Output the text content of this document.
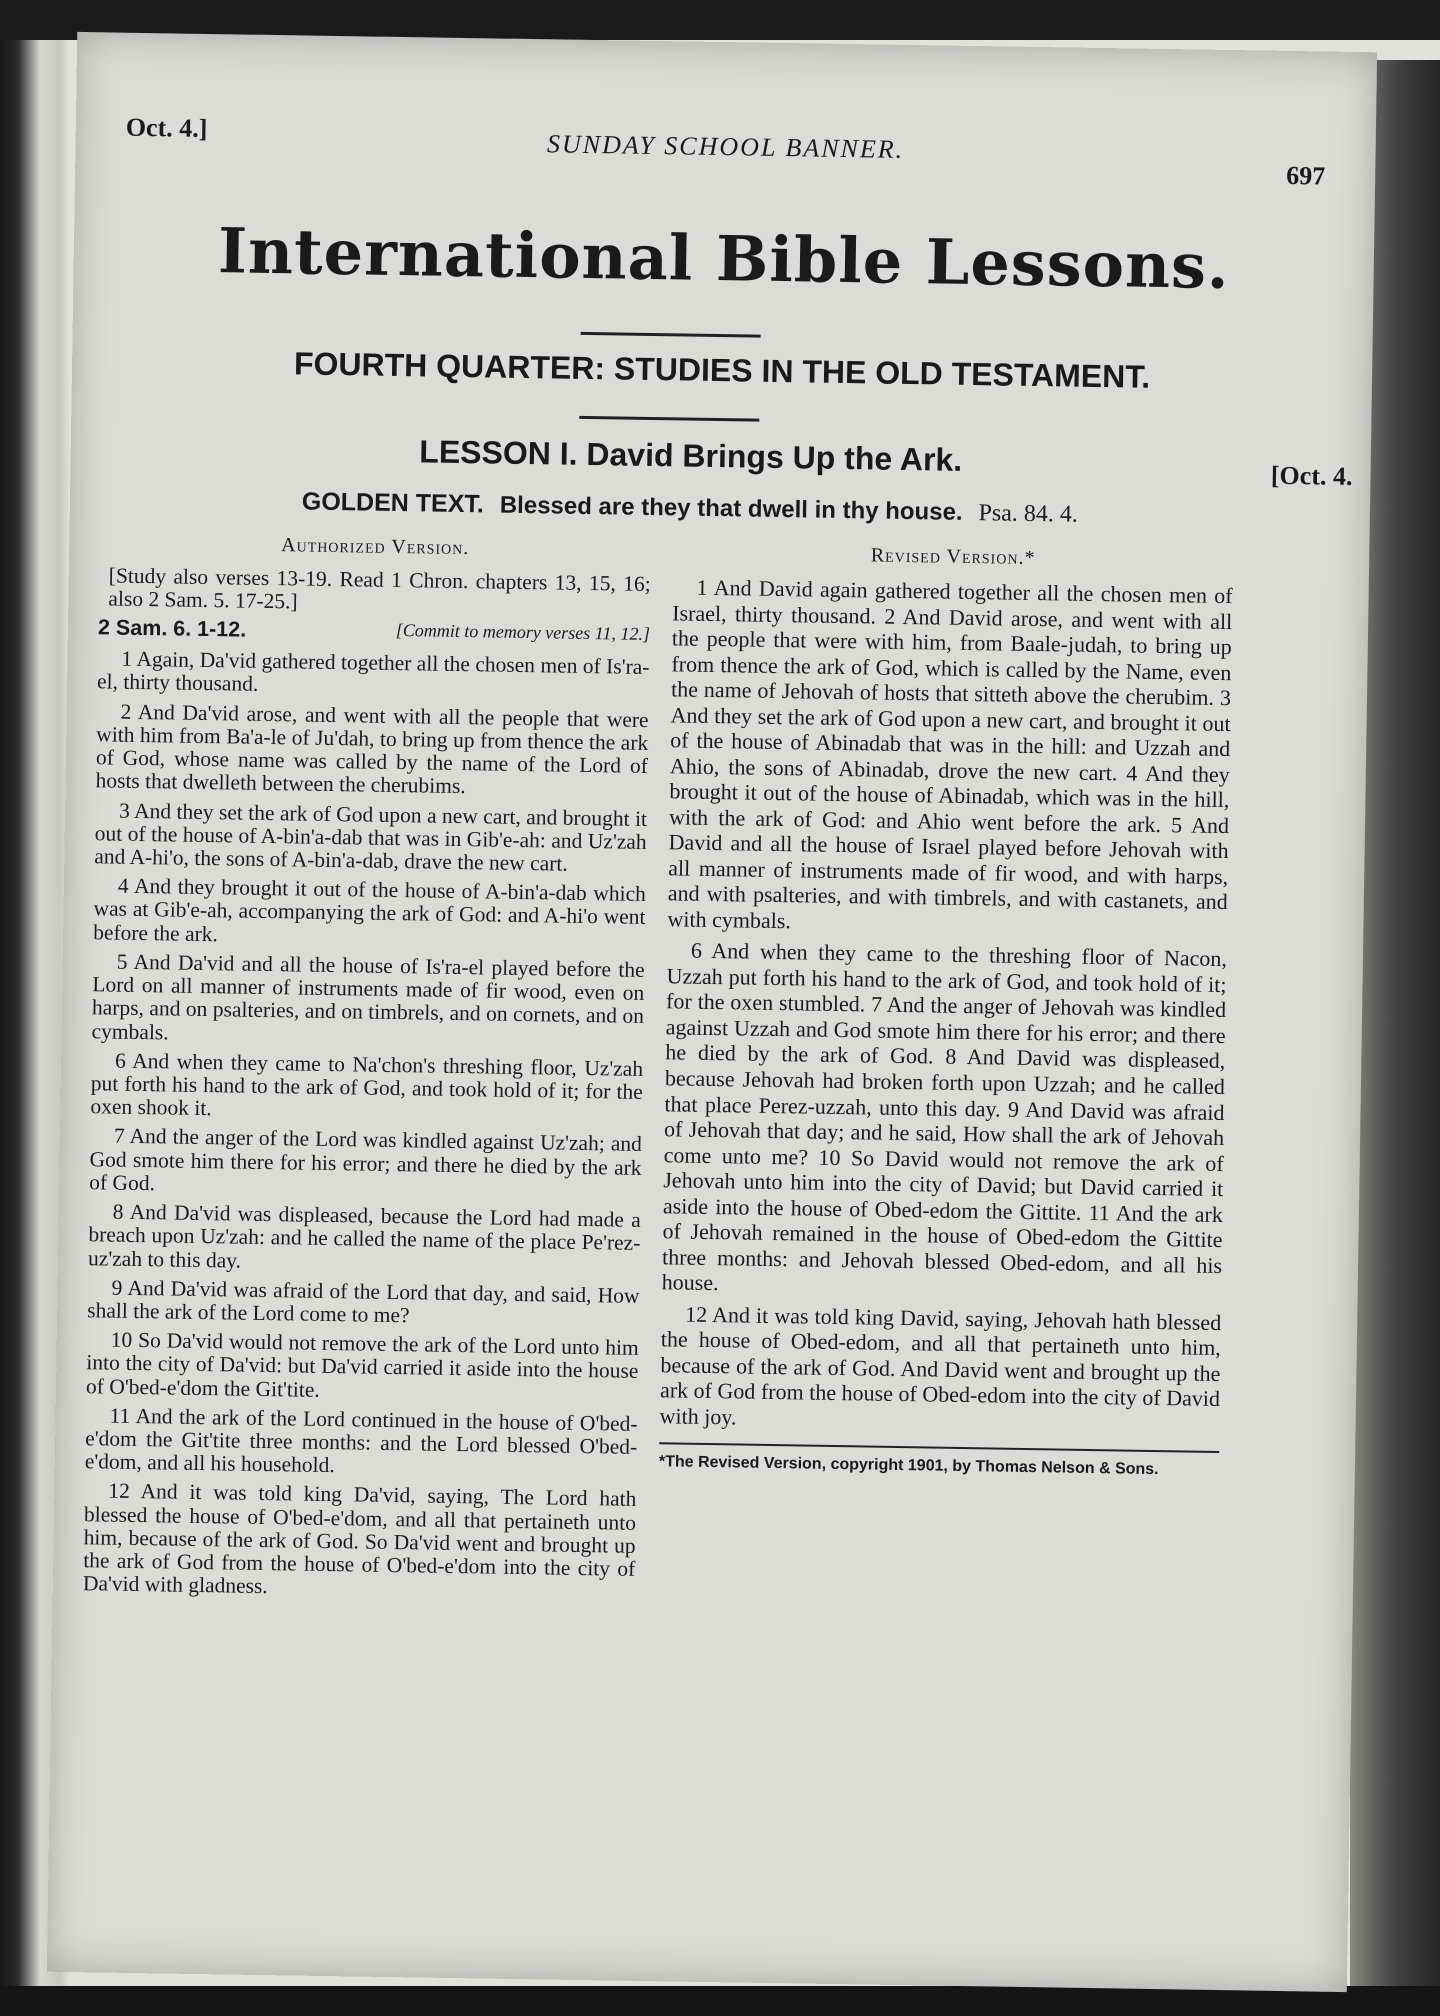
Oct. 4.]
SUNDAY SCHOOL BANNER.
697
International Bible Lessons.
FOURTH QUARTER: STUDIES IN THE OLD TESTAMENT.
LESSON I. David Brings Up the Ark.	[Oct. 4.
GOLDEN TEXT. Blessed are they that dwell in thy house. Psa. 84. 4.
Authorized Version.

[Study also verses 13-19. Read 1 Chron. chapters 13, 15, 16; also 2 Sam. 5. 17-25.]

2 Sam. 6. 1-12.	[Commit to memory verses 11, 12.]

1 Again, Da'vid gathered together all the chosen men of Is'ra-el, thirty thousand.

2 And Da'vid arose, and went with all the people that were with him from Ba'a-le of Ju'dah, to bring up from thence the ark of God, whose name was called by the name of the Lord of hosts that dwelleth between the cherubims.

3 And they set the ark of God upon a new cart, and brought it out of the house of A-bin'a-dab that was in Gib'e-ah: and Uz'zah and A-hi'o, the sons of A-bin'a-dab, drave the new cart.

4 And they brought it out of the house of A-bin'a-dab which was at Gib'e-ah, accompanying the ark of God: and A-hi'o went before the ark.

5 And Da'vid and all the house of Is'ra-el played before the Lord on all manner of instruments made of fir wood, even on harps, and on psalteries, and on timbrels, and on cornets, and on cymbals.

6 And when they came to Na'chon's threshing floor, Uz'zah put forth his hand to the ark of God, and took hold of it; for the oxen shook it.

7 And the anger of the Lord was kindled against Uz'zah; and God smote him there for his error; and there he died by the ark of God.

8 And Da'vid was displeased, because the Lord had made a breach upon Uz'zah: and he called the name of the place Pe'rez-uz'zah to this day.

9 And Da'vid was afraid of the Lord that day, and said, How shall the ark of the Lord come to me?

10 So Da'vid would not remove the ark of the Lord unto him into the city of Da'vid: but Da'vid carried it aside into the house of O'bed-e'dom the Git'tite.

11 And the ark of the Lord continued in the house of O'bed-e'dom the Git'tite three months: and the Lord blessed O'bed-e'dom, and all his household.

12 And it was told king Da'vid, saying, The Lord hath blessed the house of O'bed-e'dom, and all that pertaineth unto him, because of the ark of God. So Da'vid went and brought up the ark of God from the house of O'bed-e'dom into the city of Da'vid with gladness.

Revised Version.*

1 And David again gathered together all the chosen men of Israel, thirty thousand. 2 And David arose, and went with all the people that were with him, from Baale-judah, to bring up from thence the ark of God, which is called by the Name, even the name of Jehovah of hosts that sitteth above the cherubim. 3 And they set the ark of God upon a new cart, and brought it out of the house of Abinadab that was in the hill: and Uzzah and Ahio, the sons of Abinadab, drove the new cart. 4 And they brought it out of the house of Abinadab, which was in the hill, with the ark of God: and Ahio went before the ark. 5 And David and all the house of Israel played before Jehovah with all manner of instruments made of fir wood, and with harps, and with psalteries, and with timbrels, and with castanets, and with cymbals.

6 And when they came to the threshing floor of Nacon, Uzzah put forth his hand to the ark of God, and took hold of it; for the oxen stumbled. 7 And the anger of Jehovah was kindled against Uzzah and God smote him there for his error; and there he died by the ark of God. 8 And David was displeased, because Jehovah had broken forth upon Uzzah; and he called that place Perez-uzzah, unto this day. 9 And David was afraid of Jehovah that day; and he said, How shall the ark of Jehovah come unto me? 10 So David would not remove the ark of Jehovah unto him into the city of David; but David carried it aside into the house of Obed-edom the Gittite. 11 And the ark of Jehovah remained in the house of Obed-edom the Gittite three months: and Jehovah blessed Obed-edom, and all his house.

12 And it was told king David, saying, Jehovah hath blessed the house of Obed-edom, and all that pertaineth unto him, because of the ark of God. And David went and brought up the ark of God from the house of Obed-edom into the city of David with joy.

*The Revised Version, copyright 1901, by Thomas Nelson & Sons.
